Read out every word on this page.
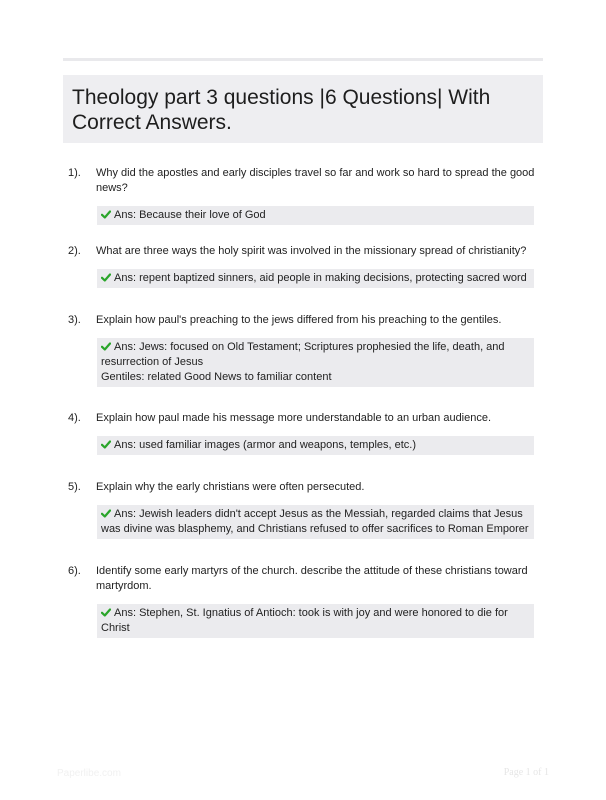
Theology part 3 questions |6 Questions| With Correct Answers.
1). Why did the apostles and early disciples travel so far and work so hard to spread the good news?
Ans: Because their love of God
2). What are three ways the holy spirit was involved in the missionary spread of christianity?
Ans: repent baptized sinners, aid people in making decisions, protecting sacred word
3). Explain how paul's preaching to the jews differed from his preaching to the gentiles.
Ans: Jews: focused on Old Testament; Scriptures prophesied the life, death, and resurrection of Jesus
Gentiles: related Good News to familiar content
4). Explain how paul made his message more understandable to an urban audience.
Ans: used familiar images (armor and weapons, temples, etc.)
5). Explain why the early christians were often persecuted.
Ans: Jewish leaders didn't accept Jesus as the Messiah, regarded claims that Jesus was divine was blasphemy, and Christians refused to offer sacrifices to Roman Emporer
6). Identify some early martyrs of the church. describe the attitude of these christians toward martyrdom.
Ans: Stephen, St. Ignatius of Antioch: took is with joy and were honored to die for Christ
Paperlibe.com	Page 1 of 1
